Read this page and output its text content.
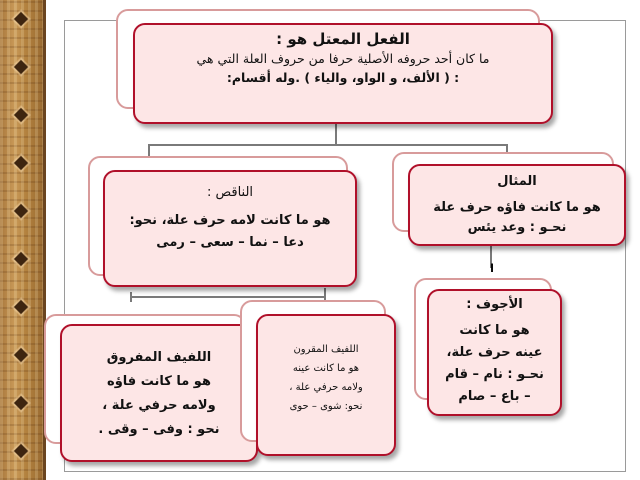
ا
الفعل المعتل هو :
ما كان أحد حروفه الأصلية حرفا من حروف العلة التي هي
: ( الألف، و الواو، والياء ) .وله أقسام:
الناقص :
هو ما كانت لامه حرف علة، نحو:
دعا – نما – سعى – رمى
المثال
هو ما كانت فاؤه حرف علة
نحـو : وعد يئس
الأجوف :
هو ما كانت
عينه حرف علة،
نحـو : نام – قام
– باع – صام
اللفيف المفروق
هو ما كانت فاؤه
ولامه حرفي علة ،
نحو : وفى – وقى .
اللفيف المقرون
هو ما كانت عينه
ولامه حرفي علة ،
نحو: شوى – حوى
